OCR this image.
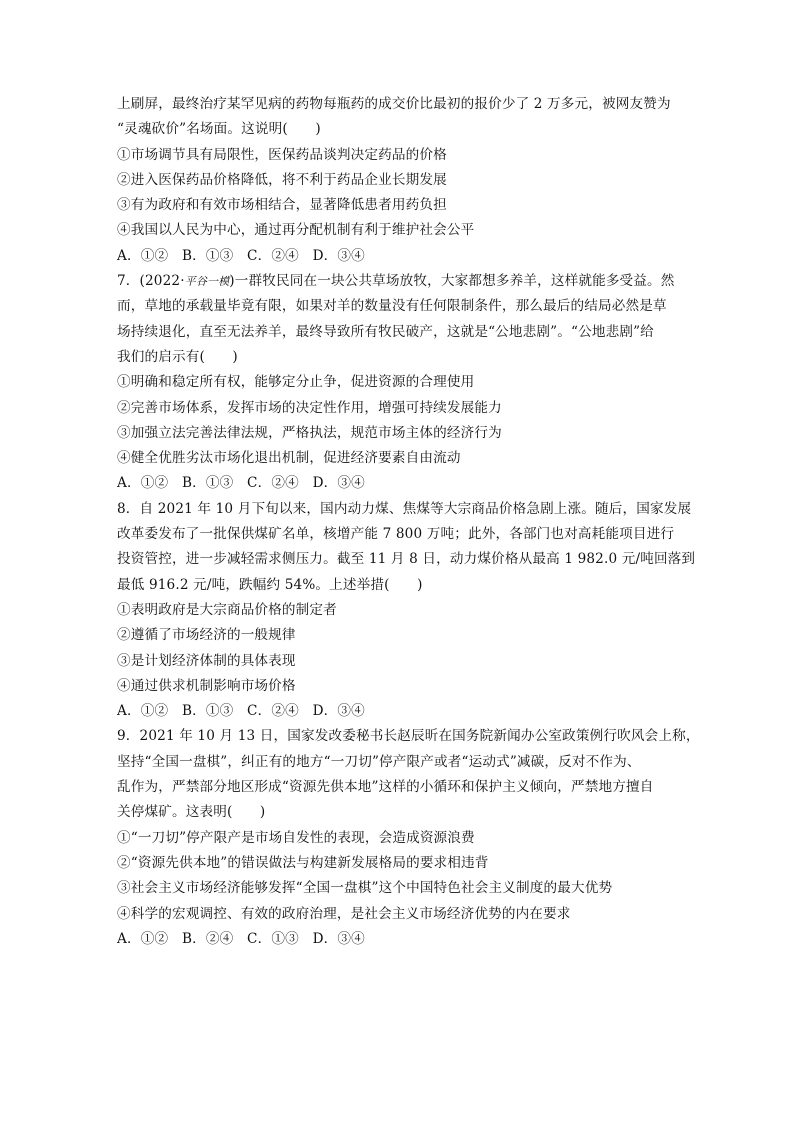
上刷屏，最终治疗某罕见病的药物每瓶药的成交价比最初的报价少了 2 万多元，被网友赞为
“灵魂砍价”名场面。这说明(　　)
①市场调节具有局限性，医保药品谈判决定药品的价格
②进入医保药品价格降低，将不利于药品企业长期发展
③有为政府和有效市场相结合，显著降低患者用药负担
④我国以人民为中心，通过再分配机制有利于维护社会公平
A．①②　B．①③　C．②④　D．③④
7．(2022·平谷一模)一群牧民同在一块公共草场放牧，大家都想多养羊，这样就能多受益。然
而，草地的承载量毕竟有限，如果对羊的数量没有任何限制条件，那么最后的结局必然是草
场持续退化，直至无法养羊，最终导致所有牧民破产，这就是“公地悲剧”。“公地悲剧”给
我们的启示有(　　)
①明确和稳定所有权，能够定分止争，促进资源的合理使用
②完善市场体系，发挥市场的决定性作用，增强可持续发展能力
③加强立法完善法律法规，严格执法，规范市场主体的经济行为
④健全优胜劣汰市场化退出机制，促进经济要素自由流动
A．①②　B．①③　C．②④　D．③④
8．自 2021 年 10 月下旬以来，国内动力煤、焦煤等大宗商品价格急剧上涨。随后，国家发展
改革委发布了一批保供煤矿名单，核增产能 7 800 万吨；此外，各部门也对高耗能项目进行
投资管控，进一步减轻需求侧压力。截至 11 月 8 日，动力煤价格从最高 1 982.0 元/吨回落到
最低 916.2 元/吨，跌幅约 54%。上述举措(　　)
①表明政府是大宗商品价格的制定者
②遵循了市场经济的一般规律
③是计划经济体制的具体表现
④通过供求机制影响市场价格
A．①②　B．①③　C．②④　D．③④
9．2021 年 10 月 13 日，国家发改委秘书长赵辰昕在国务院新闻办公室政策例行吹风会上称，
坚持“全国一盘棋”，纠正有的地方“一刀切”停产限产或者“运动式”减碳，反对不作为、
乱作为，严禁部分地区形成“资源先供本地”这样的小循环和保护主义倾向，严禁地方擅自
关停煤矿。这表明(　　)
①“一刀切”停产限产是市场自发性的表现，会造成资源浪费
②“资源先供本地”的错误做法与构建新发展格局的要求相违背
③社会主义市场经济能够发挥“全国一盘棋”这个中国特色社会主义制度的最大优势
④科学的宏观调控、有效的政府治理，是社会主义市场经济优势的内在要求
A．①②　B．②④　C．①③　D．③④
